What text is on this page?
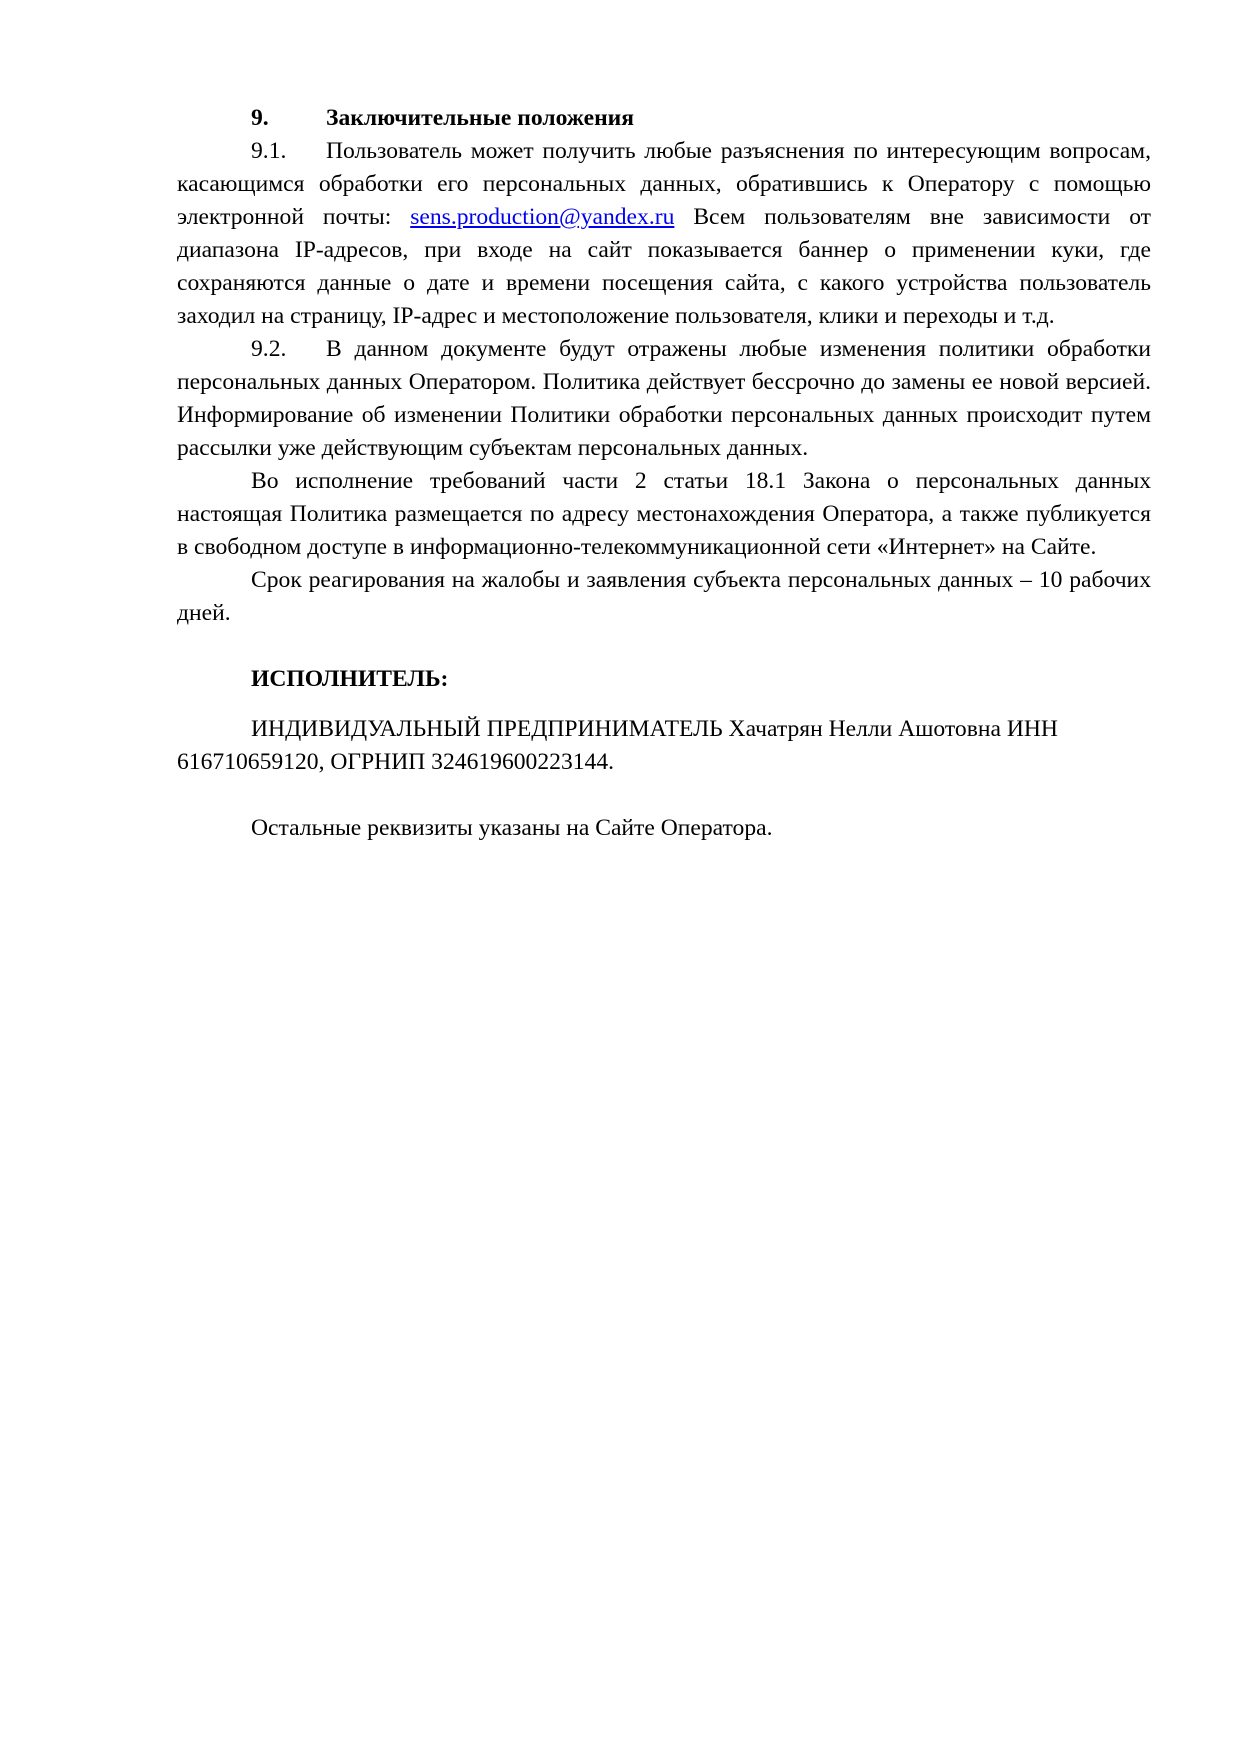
9. Заключительные положения

9.1. Пользователь может получить любые разъяснения по интересующим вопросам, касающимся обработки его персональных данных, обратившись к Оператору с помощью электронной почты: sens.production@yandex.ru Всем пользователям вне зависимости от диапазона IP-адресов, при входе на сайт показывается баннер о применении куки, где сохраняются данные о дате и времени посещения сайта, с какого устройства пользователь заходил на страницу, IP-адрес и местоположение пользователя, клики и переходы и т.д.

9.2. В данном документе будут отражены любые изменения политики обработки персональных данных Оператором. Политика действует бессрочно до замены ее новой версией. Информирование об изменении Политики обработки персональных данных происходит путем рассылки уже действующим субъектам персональных данных.

Во исполнение требований части 2 статьи 18.1 Закона о персональных данных настоящая Политика размещается по адресу местонахождения Оператора, а также публикуется в свободном доступе в информационно-телекоммуникационной сети «Интернет» на Сайте.

Срок реагирования на жалобы и заявления субъекта персональных данных – 10 рабочих дней.

ИСПОЛНИТЕЛЬ:

ИНДИВИДУАЛЬНЫЙ ПРЕДПРИНИМАТЕЛЬ Хачатрян Нелли Ашотовна ИНН 616710659120, ОГРНИП 324619600223144.

Остальные реквизиты указаны на Сайте Оператора.
